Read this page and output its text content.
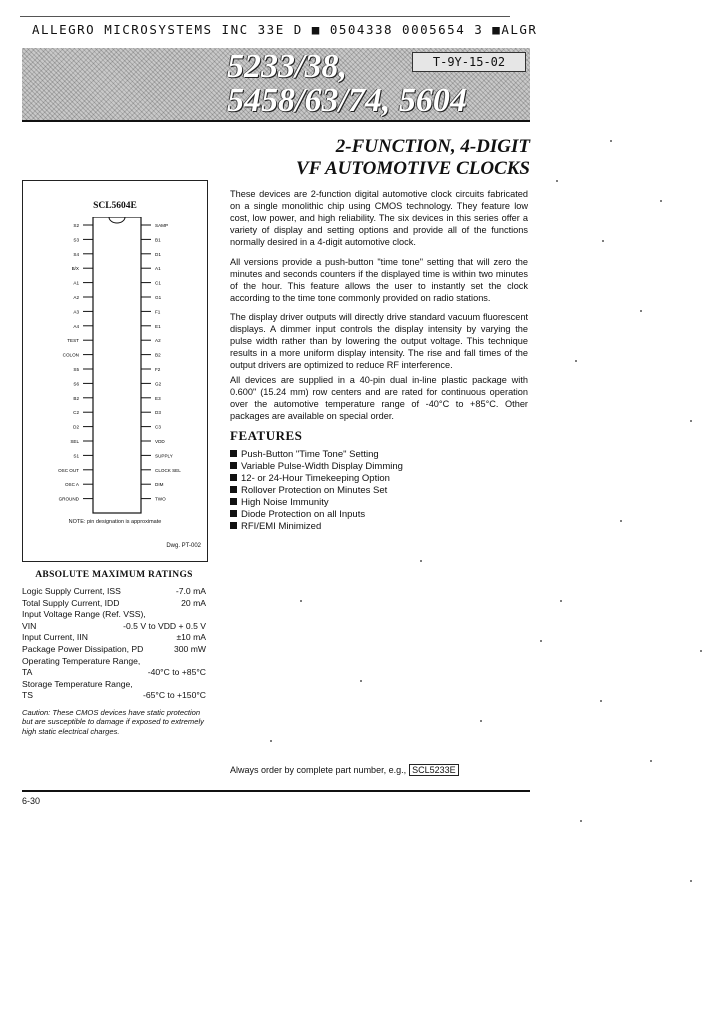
ALLEGRO MICROSYSTEMS INC 33E D ■ 0504338 0005654 3 ■ALGR
5233/38,
5458/63/74, 5604
T-9Y-15-02
2-FUNCTION, 4-DIGIT
VF AUTOMOTIVE CLOCKS
SCL5604E
S2	SAMP
S3	B1
S4	D1
B/X	A1
A1	C1
A2	G1
A3	F1
A4	E1
TEST	A2
COLON	B2
S5	F2
S6	G2
B2	E3
C2	D3
D2	C3
SEL	VDD
S1	SUPPLY
OSC OUT	CLOCK SEL
OSC A	DIM
GROUND	TWO
NOTE: pin designation is approximate
Dwg. PT-002
These devices are 2-function digital automotive clock circuits fabricated on a single monolithic chip using CMOS technology. They feature low cost, low power, and high reliability. The six devices in this series offer a variety of display and setting options and provide all of the functions normally desired in a 4-digit automotive clock.
All versions provide a push-button "time tone" setting that will zero the minutes and seconds counters if the displayed time is within two minutes of the hour. This feature allows the user to instantly set the clock according to the time tone commonly provided on radio stations.
The display driver outputs will directly drive standard vacuum fluorescent displays. A dimmer input controls the display intensity by varying the pulse width rather than by lowering the output voltage. This technique results in a more uniform display intensity. The rise and fall times of the output drivers are optimized to reduce RF interference.
All devices are supplied in a 40-pin dual in-line plastic package with 0.600" (15.24 mm) row centers and are rated for continuous operation over the automotive temperature range of -40°C to +85°C. Other packages are available on special order.
FEATURES
Push-Button "Time Tone" Setting
Variable Pulse-Width Display Dimming
12- or 24-Hour Timekeeping Option
Rollover Protection on Minutes Set
High Noise Immunity
Diode Protection on all Inputs
RFI/EMI Minimized
ABSOLUTE MAXIMUM RATINGS
Logic Supply Current, ISS	-7.0 mA
Total Supply Current, IDD	20 mA
Input Voltage Range (Ref. VSS),
VIN	-0.5 V to VDD + 0.5 V
Input Current, IIN	±10 mA
Package Power Dissipation, PD	300 mW
Operating Temperature Range,
TA	-40°C to +85°C
Storage Temperature Range,
TS	-65°C to +150°C
Caution: These CMOS devices have static protection but are susceptible to damage if exposed to extremely high static electrical charges.
Always order by complete part number, e.g., SCL5233E
6-30
